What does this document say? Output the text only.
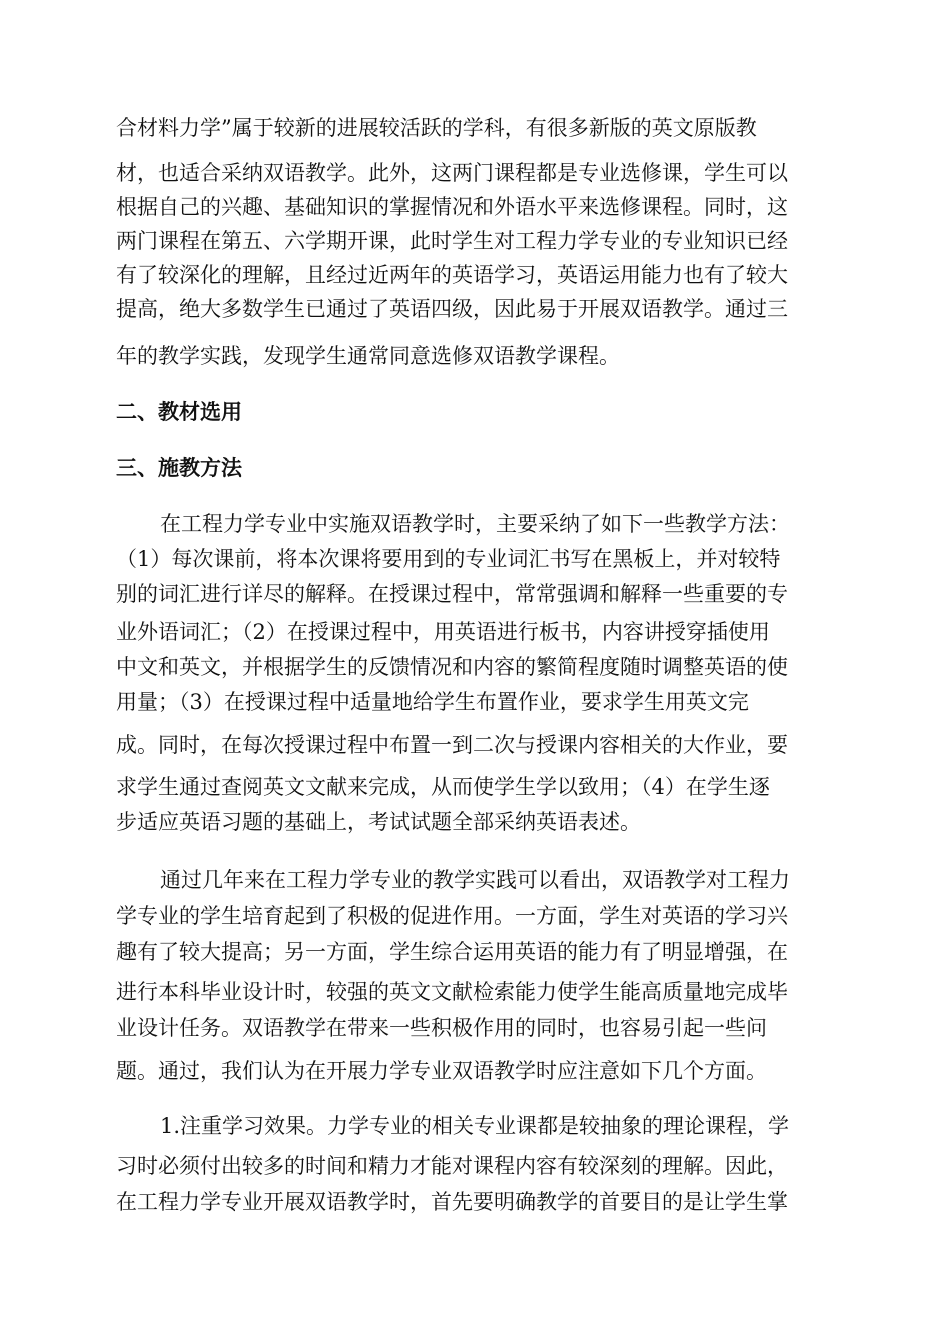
合材料力学”属于较新的进展较活跃的学科，有很多新版的英文原版教
材，也适合采纳双语教学。此外，这两门课程都是专业选修课，学生可以
根据自己的兴趣、基础知识的掌握情况和外语水平来选修课程。同时，这
两门课程在第五、六学期开课，此时学生对工程力学专业的专业知识已经
有了较深化的理解，且经过近两年的英语学习，英语运用能力也有了较大
提高，绝大多数学生已通过了英语四级，因此易于开展双语教学。通过三
年的教学实践，发现学生通常同意选修双语教学课程。
二、教材选用
三、施教方法
在工程力学专业中实施双语教学时，主要采纳了如下一些教学方法：
（1）每次课前，将本次课将要用到的专业词汇书写在黑板上，并对较特
别的词汇进行详尽的解释。在授课过程中，常常强调和解释一些重要的专
业外语词汇；（2）在授课过程中，用英语进行板书，内容讲授穿插使用
中文和英文，并根据学生的反馈情况和内容的繁简程度随时调整英语的使
用量；（3）在授课过程中适量地给学生布置作业，要求学生用英文完
成。同时，在每次授课过程中布置一到二次与授课内容相关的大作业，要
求学生通过查阅英文文献来完成，从而使学生学以致用；（4）在学生逐
步适应英语习题的基础上，考试试题全部采纳英语表述。
通过几年来在工程力学专业的教学实践可以看出，双语教学对工程力
学专业的学生培育起到了积极的促进作用。一方面，学生对英语的学习兴
趣有了较大提高；另一方面，学生综合运用英语的能力有了明显增强，在
进行本科毕业设计时，较强的英文文献检索能力使学生能高质量地完成毕
业设计任务。双语教学在带来一些积极作用的同时，也容易引起一些问
题。通过，我们认为在开展力学专业双语教学时应注意如下几个方面。
1.注重学习效果。力学专业的相关专业课都是较抽象的理论课程，学
习时必须付出较多的时间和精力才能对课程内容有较深刻的理解。因此，
在工程力学专业开展双语教学时，首先要明确教学的首要目的是让学生掌
